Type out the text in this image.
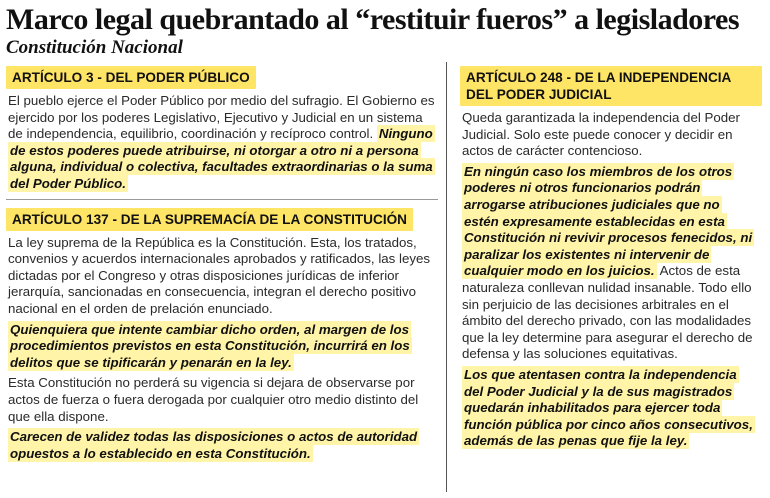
Marco legal quebrantado al “restituir fueros” a legisladores
Constitución Nacional
ARTÍCULO 3 - DEL PODER PÚBLICO

El pueblo ejerce el Poder Público por medio del sufragio. El Gobierno es ejercido por los poderes Legislativo, Ejecutivo y Judicial en un sistema de independencia, equilibrio, coordinación y recíproco control. Ninguno de estos poderes puede atribuirse, ni otorgar a otro ni a persona alguna, individual o colectiva, facultades extraordinarias o la suma del Poder Público.

ARTÍCULO 137 - DE LA SUPREMACÍA DE LA CONSTITUCIÓN

La ley suprema de la República es la Constitución. Esta, los tratados, convenios y acuerdos internacionales aprobados y ratificados, las leyes dictadas por el Congreso y otras disposiciones jurídicas de inferior jerarquía, sancionadas en consecuencia, integran el derecho positivo nacional en el orden de prelación enunciado.

Quienquiera que intente cambiar dicho orden, al margen de los procedimientos previstos en esta Constitución, incurrirá en los delitos que se tipificarán y penarán en la ley.

Esta Constitución no perderá su vigencia si dejara de observarse por actos de fuerza o fuera derogada por cualquier otro medio distinto del que ella dispone.

Carecen de validez todas las disposiciones o actos de autoridad opuestos a lo establecido en esta Constitución.

ARTÍCULO 248 - DE LA INDEPENDENCIA DEL PODER JUDICIAL

Queda garantizada la independencia del Poder Judicial. Solo este puede conocer y decidir en actos de carácter contencioso.

En ningún caso los miembros de los otros poderes ni otros funcionarios podrán arrogarse atribuciones judiciales que no estén expresamente establecidas en esta Constitución ni revivir procesos fenecidos, ni paralizar los existentes ni intervenir de cualquier modo en los juicios. Actos de esta naturaleza conllevan nulidad insanable. Todo ello sin perjuicio de las decisiones arbitrales en el ámbito del derecho privado, con las modalidades que la ley determine para asegurar el derecho de defensa y las soluciones equitativas.

Los que atentasen contra la independencia del Poder Judicial y la de sus magistrados quedarán inhabilitados para ejercer toda función pública por cinco años consecutivos, además de las penas que fije la ley.
